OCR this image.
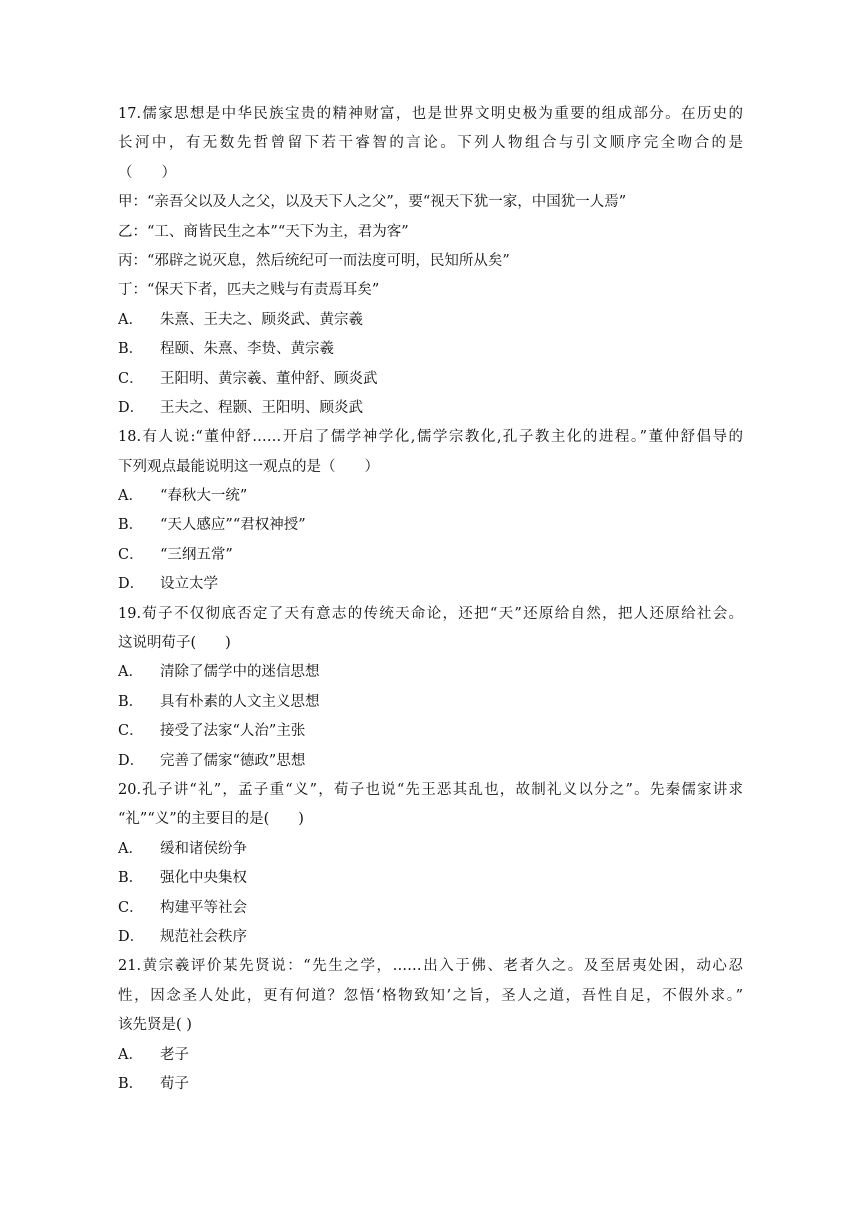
17.儒家思想是中华民族宝贵的精神财富，也是世界文明史极为重要的组成部分。在历史的

长河中，有无数先哲曾留下若干睿智的言论。下列人物组合与引文顺序完全吻合的是

（　　）

甲：“亲吾父以及人之父，以及天下人之父”，要“视天下犹一家，中国犹一人焉”

乙：“工、商皆民生之本”“天下为主，君为客”

丙：“邪辟之说灭息，然后统纪可一而法度可明，民知所从矣”

丁：“保天下者，匹夫之贱与有责焉耳矣”

A． 朱熹、王夫之、顾炎武、黄宗羲

B． 程颐、朱熹、李贽、黄宗羲

C． 王阳明、黄宗羲、董仲舒、顾炎武

D． 王夫之、程颢、王阳明、顾炎武

18.有人说:“董仲舒……开启了儒学神学化,儒学宗教化,孔子教主化的进程。”董仲舒倡导的

下列观点最能说明这一观点的是（　　）

A． “春秋大一统”

B． “天人感应”“君权神授”

C． “三纲五常”

D． 设立太学

19.荀子不仅彻底否定了天有意志的传统天命论，还把“天”还原给自然，把人还原给社会。

这说明荀子(　　)

A． 清除了儒学中的迷信思想

B． 具有朴素的人文主义思想

C． 接受了法家“人治”主张

D． 完善了儒家“德政”思想

20.孔子讲“礼”，孟子重“义”，荀子也说“先王恶其乱也，故制礼义以分之”。先秦儒家讲求

“礼”“义”的主要目的是(　　)

A． 缓和诸侯纷争

B． 强化中央集权

C． 构建平等社会

D． 规范社会秩序

21.黄宗羲评价某先贤说：“先生之学，……出入于佛、老者久之。及至居夷处困，动心忍

性，因念圣人处此，更有何道？忽悟‘格物致知’之旨，圣人之道，吾性自足，不假外求。”

该先贤是( )

A． 老子

B． 荀子
